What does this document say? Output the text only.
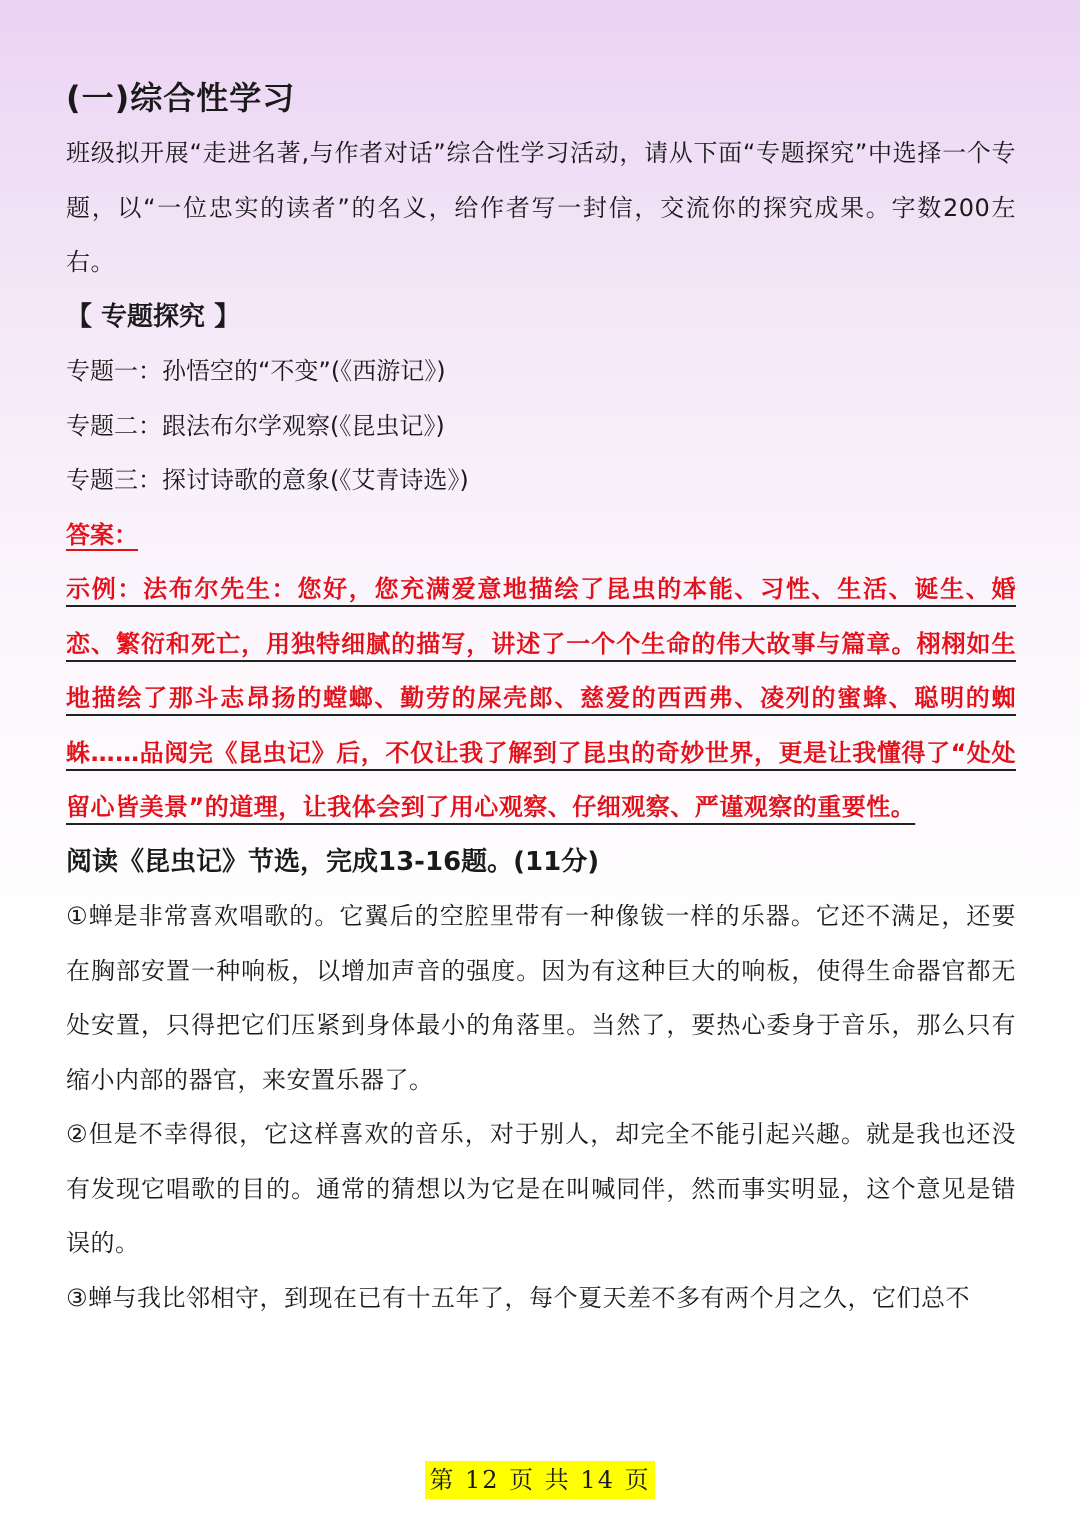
(一)综合性学习

班级拟开展“走进名著,与作者对话”综合性学习活动，请从下面“专题探究”中选择一个专题，以“一位忠实的读者”的名义，给作者写一封信，交流你的探究成果。字数200左右。

【 专题探究 】

专题一：孙悟空的“不变”(《西游记》)

专题二：跟法布尔学观察(《昆虫记》)

专题三：探讨诗歌的意象(《艾青诗选》)

答案：

示例：法布尔先生：您好，您充满爱意地描绘了昆虫的本能、习性、生活、诞生、婚恋、繁衍和死亡，用独特细腻的描写，讲述了一个个生命的伟大故事与篇章。栩栩如生地描绘了那斗志昂扬的螳螂、勤劳的屎壳郎、慈爱的西西弗、凌列的蜜蜂、聪明的蜘蛛……品阅完《昆虫记》后，不仅让我了解到了昆虫的奇妙世界，更是让我懂得了“处处留心皆美景”的道理，让我体会到了用心观察、仔细观察、严谨观察的重要性。

阅读《昆虫记》节选，完成13-16题。(11分)

①蝉是非常喜欢唱歌的。它翼后的空腔里带有一种像钹一样的乐器。它还不满足，还要在胸部安置一种响板，以增加声音的强度。因为有这种巨大的响板，使得生命器官都无处安置，只得把它们压紧到身体最小的角落里。当然了，要热心委身于音乐，那么只有缩小内部的器官，来安置乐器了。

②但是不幸得很，它这样喜欢的音乐，对于别人，却完全不能引起兴趣。就是我也还没有发现它唱歌的目的。通常的猜想以为它是在叫喊同伴，然而事实明显，这个意见是错误的。

③蝉与我比邻相守，到现在已有十五年了，每个夏天差不多有两个月之久，它们总不

第 12 页 共 14 页
